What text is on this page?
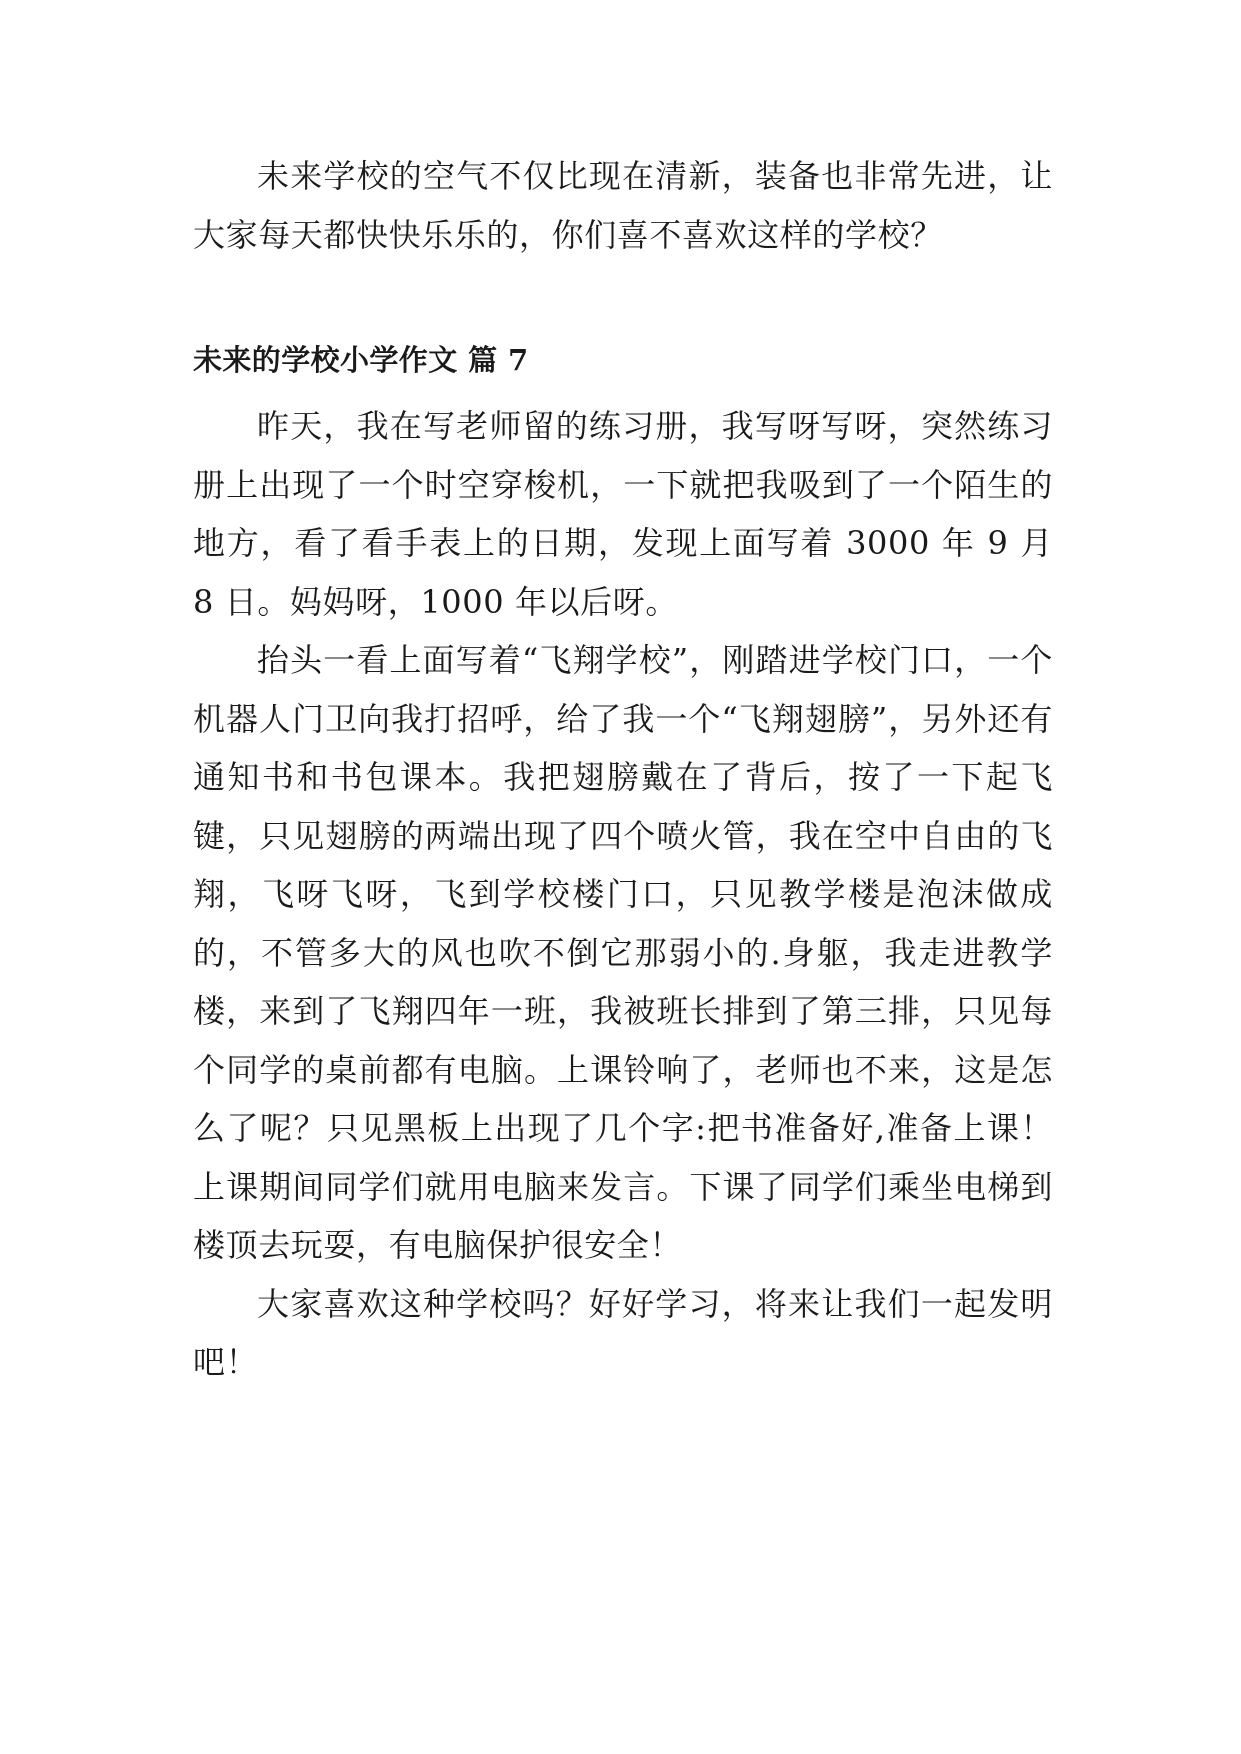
未来学校的空气不仅比现在清新，装备也非常先进，让大家每天都快快乐乐的，你们喜不喜欢这样的学校？

未来的学校小学作文 篇 7

昨天，我在写老师留的练习册，我写呀写呀，突然练习册上出现了一个时空穿梭机，一下就把我吸到了一个陌生的地方，看了看手表上的日期，发现上面写着 3000 年 9 月 8 日。妈妈呀，1000 年以后呀。

抬头一看上面写着“飞翔学校”，刚踏进学校门口，一个机器人门卫向我打招呼，给了我一个“飞翔翅膀”，另外还有通知书和书包课本。我把翅膀戴在了背后，按了一下起飞键，只见翅膀的两端出现了四个喷火管，我在空中自由的飞翔，飞呀飞呀，飞到学校楼门口，只见教学楼是泡沫做成的，不管多大的风也吹不倒它那弱小的.身躯，我走进教学楼，来到了飞翔四年一班，我被班长排到了第三排，只见每个同学的桌前都有电脑。上课铃响了，老师也不来，这是怎么了呢？只见黑板上出现了几个字:把书准备好,准备上课！上课期间同学们就用电脑来发言。下课了同学们乘坐电梯到楼顶去玩耍，有电脑保护很安全！

大家喜欢这种学校吗？好好学习，将来让我们一起发明吧！
